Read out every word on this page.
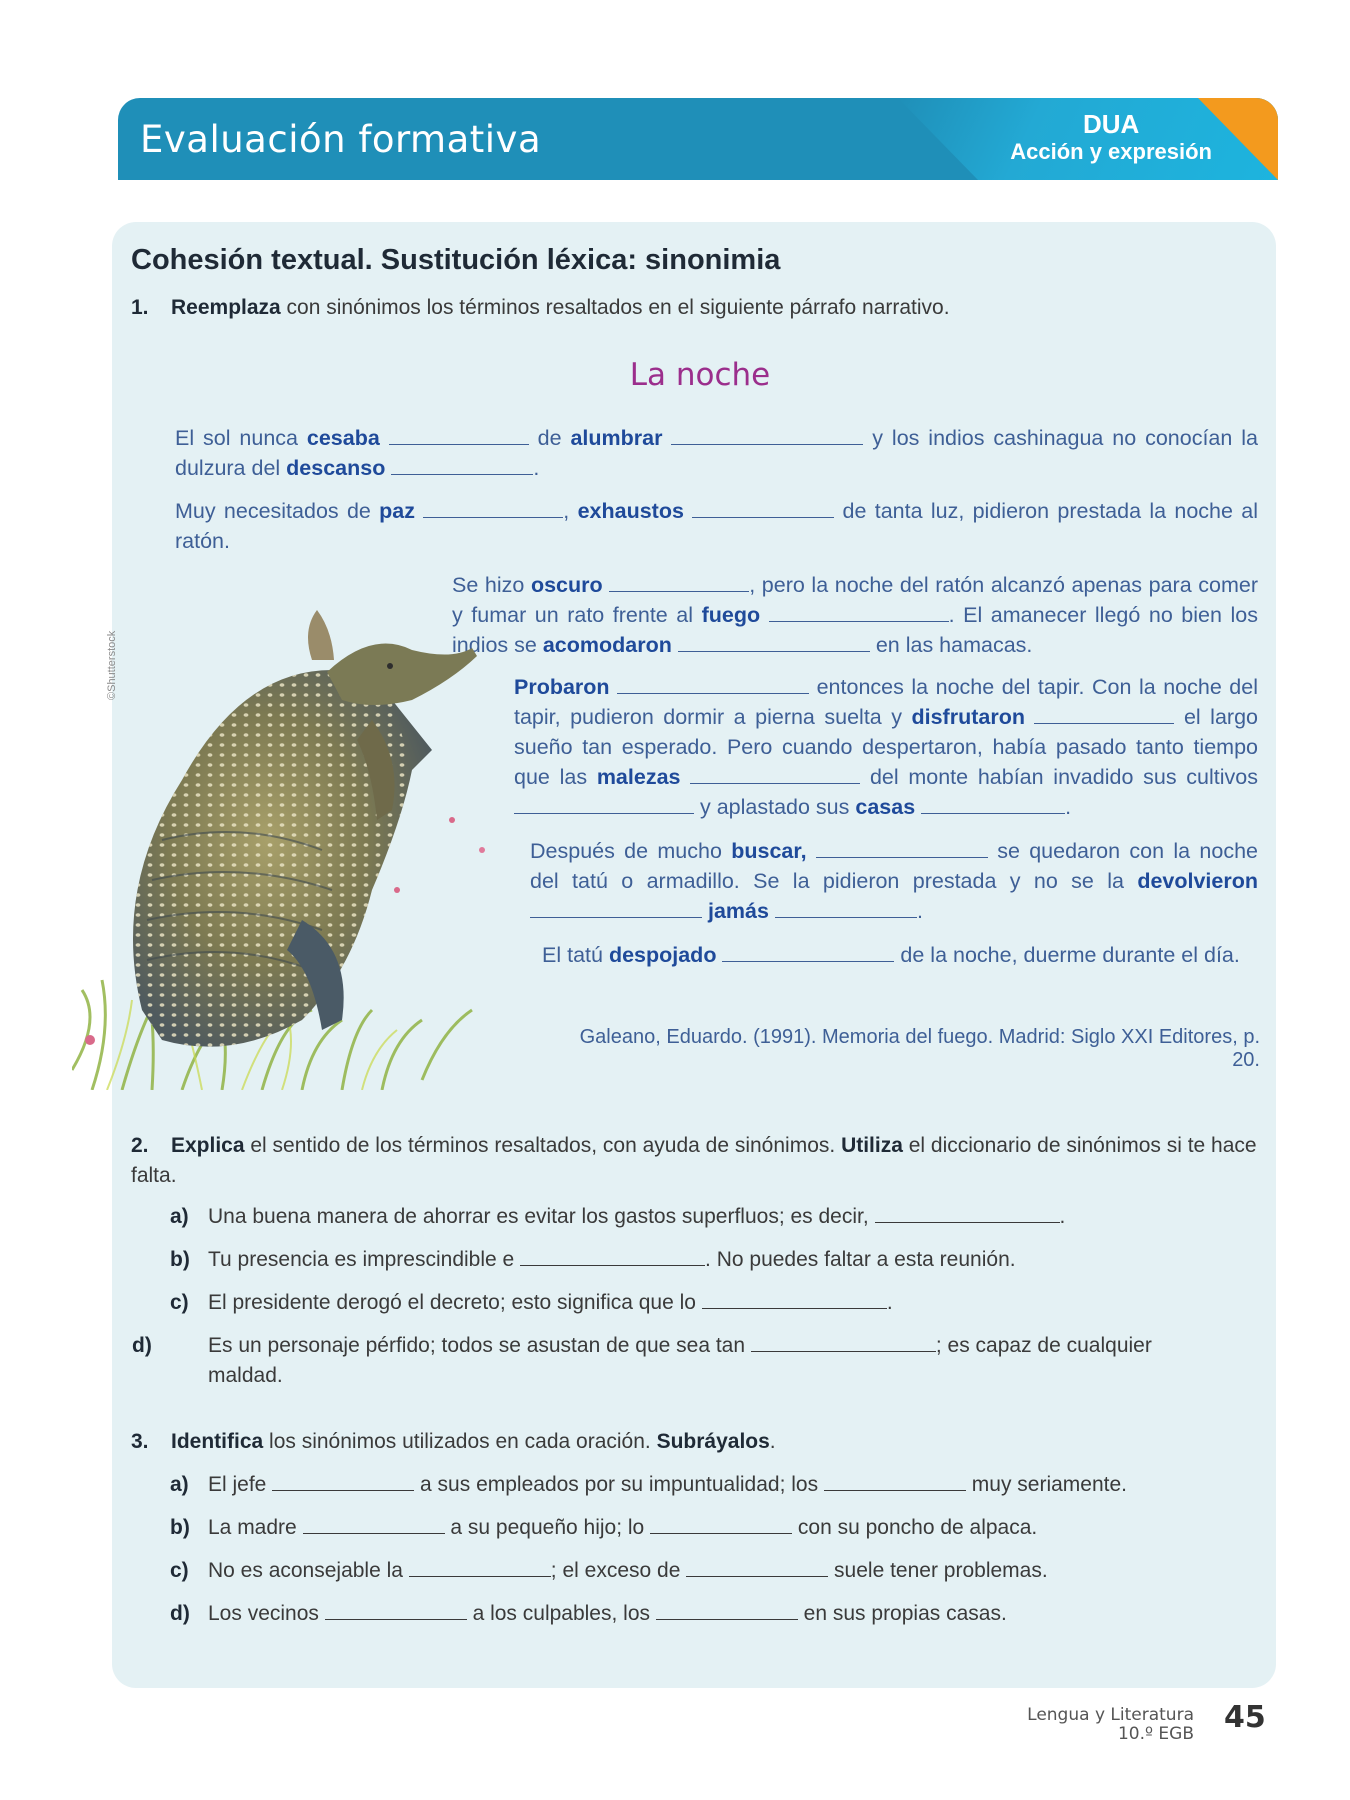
Evaluación formativa	DUA
Acción y expresión
Cohesión textual. Sustitución léxica: sinonimia
1. Reemplaza con sinónimos los términos resaltados en el siguiente párrafo narrativo.
La noche
El sol nunca cesaba	de alumbrar	y los indios cashinagua no conocían la dulzura del descanso	.
Muy necesitados de paz	, exhaustos	de tanta luz, pidieron prestada la noche al ratón.
Se hizo oscuro	, pero la noche del ratón alcanzó apenas para comer y fumar un rato frente al fuego	. El amanecer llegó no bien los indios se acomodaron	en las hamacas.
Probaron	entonces la noche del tapir. Con la noche del tapir, pudieron dormir a pierna suelta y disfrutaron	el largo sueño tan esperado. Pero cuando despertaron, había pasado tanto tiempo que las malezas	del monte habían invadido sus cultivos  y aplastado sus casas	.
Después de mucho buscar,	se quedaron con la noche del tatú o armadillo. Se la pidieron prestada y no se la devolvieron  jamás	.
El tatú despojado	de la noche, duerme durante el día.
Galeano, Eduardo. (1991). Memoria del fuego. Madrid: Siglo XXI Editores, p. 20.
©Shutterstock
2. Explica el sentido de los términos resaltados, con ayuda de sinónimos. Utiliza el diccionario de sinónimos si te hace falta.
a) Una buena manera de ahorrar es evitar los gastos superfluos; es decir,	.
b) Tu presencia es imprescindible e	. No puedes faltar a esta reunión.
c) El presidente derogó el decreto; esto significa que lo	.
d)	Es un personaje pérfido; todos se asustan de que sea tan	; es capaz de cualquier maldad.
3. Identifica los sinónimos utilizados en cada oración. Subráyalos.
a) El jefe	a sus empleados por su impuntualidad; los	muy seriamente.
b) La madre	a su pequeño hijo; lo	con su poncho de alpaca.
c) No es aconsejable la	; el exceso de	suele tener problemas.
d) Los vecinos	a los culpables, los	en sus propias casas.
Lengua y Literatura
10.º EGB 45
